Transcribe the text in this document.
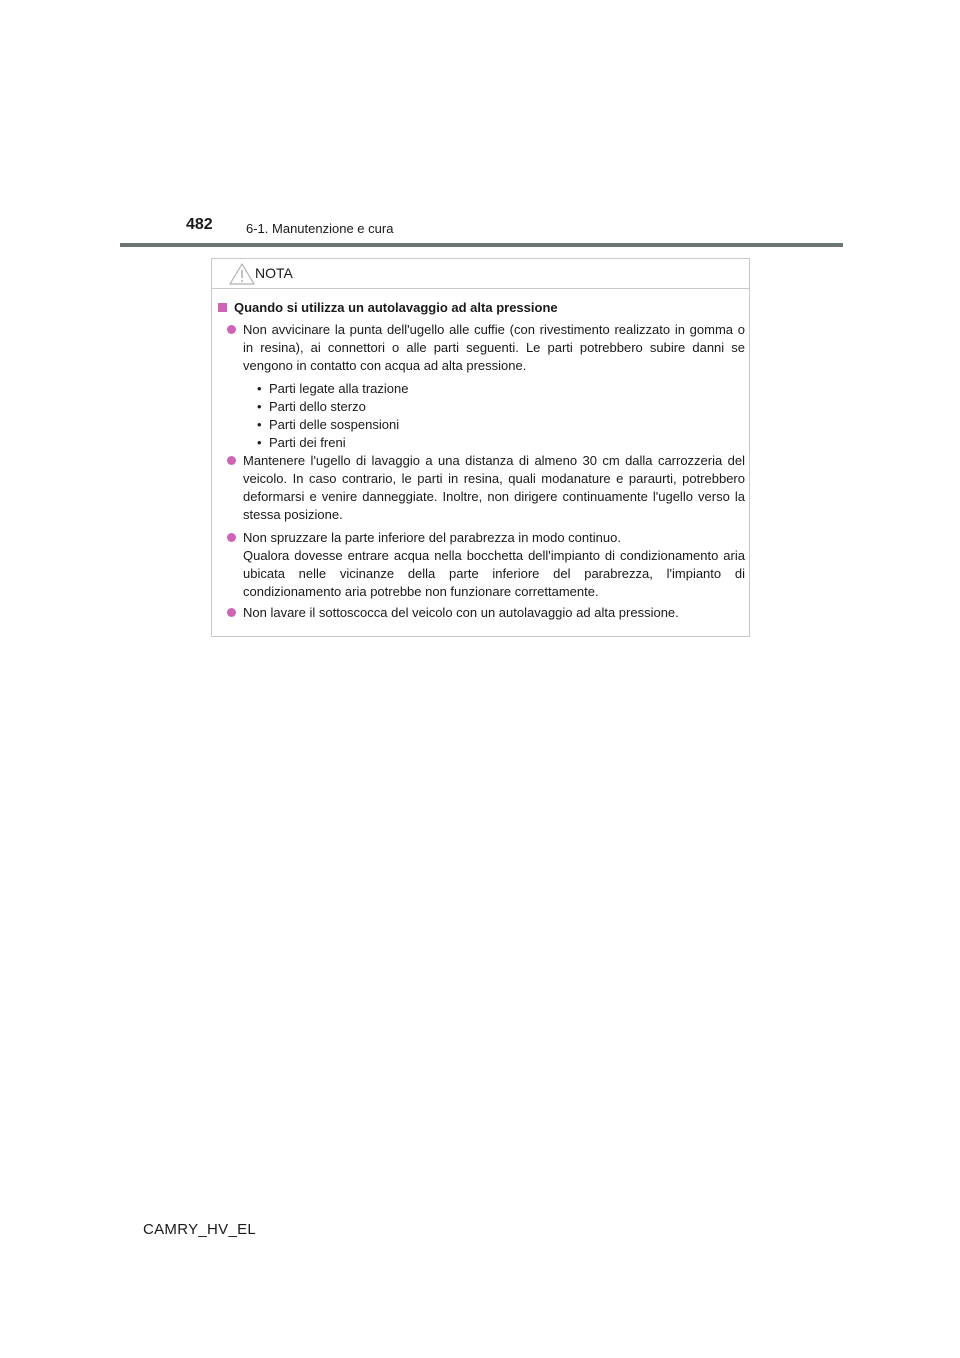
482	6-1. Manutenzione e cura
NOTA
Quando si utilizza un autolavaggio ad alta pressione

Non avvicinare la punta dell'ugello alle cuffie (con rivestimento realizzato in gomma o in resina), ai connettori o alle parti seguenti. Le parti potrebbero subire danni se vengono in contatto con acqua ad alta pressione.

• Parti legate alla trazione
• Parti dello sterzo
• Parti delle sospensioni
• Parti dei freni

Mantenere l'ugello di lavaggio a una distanza di almeno 30 cm dalla carrozzeria del veicolo. In caso contrario, le parti in resina, quali modanature e paraurti, potrebbero deformarsi e venire danneggiate. Inoltre, non dirigere continuamente l'ugello verso la stessa posizione.

Non spruzzare la parte inferiore del parabrezza in modo continuo.

Qualora dovesse entrare acqua nella bocchetta dell'impianto di condizionamento aria ubicata nelle vicinanze della parte inferiore del parabrezza, l'impianto di condizionamento aria potrebbe non funzionare correttamente.

Non lavare il sottoscocca del veicolo con un autolavaggio ad alta pressione.

CAMRY_HV_EL
